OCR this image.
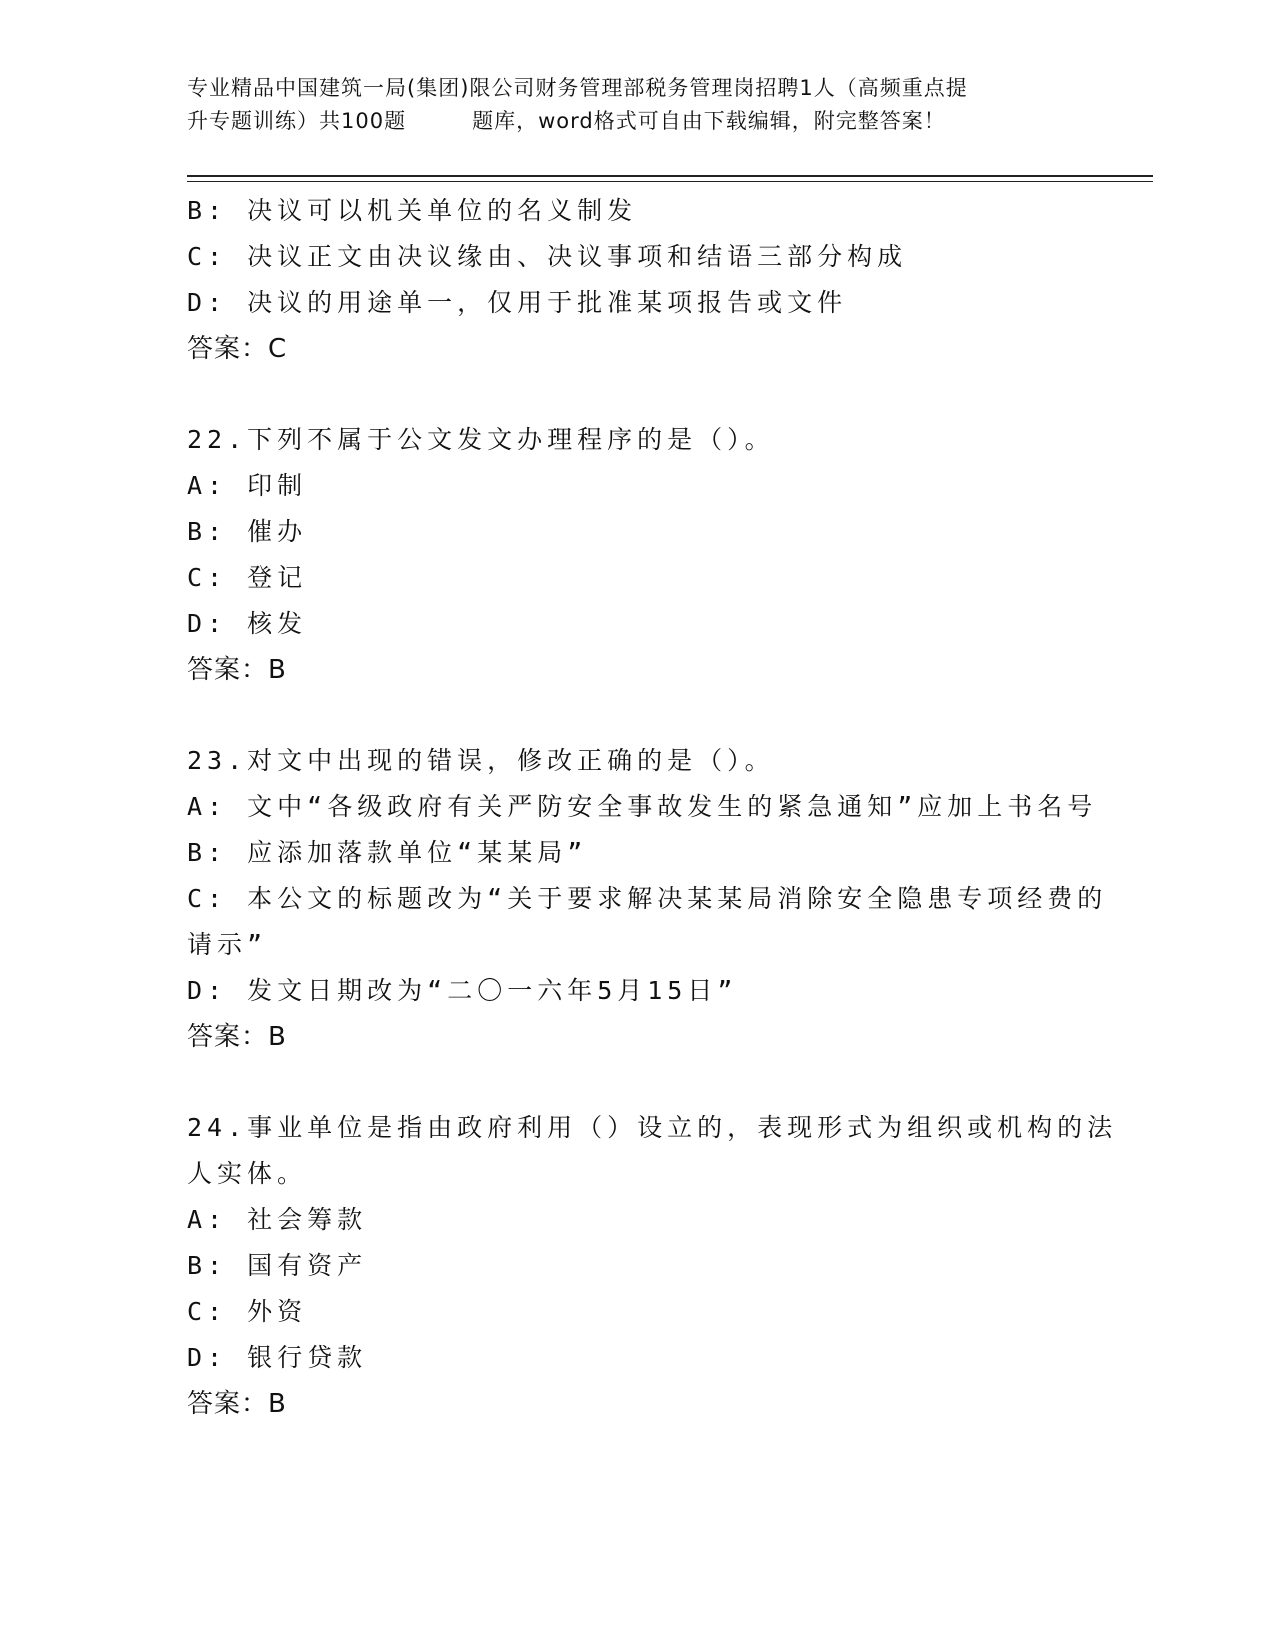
专业精品中国建筑一局(集团)限公司财务管理部税务管理岗招聘1人（高频重点提
升专题训练）共100题	题库，word格式可自由下载编辑，附完整答案！
B: 决议可以机关单位的名义制发
C: 决议正文由决议缘由、决议事项和结语三部分构成
D: 决议的用途单一，仅用于批准某项报告或文件
答案：C
22.下列不属于公文发文办理程序的是（）。
A: 印制
B: 催办
C: 登记
D: 核发
答案：B
23.对文中出现的错误，修改正确的是（）。
A: 文中“各级政府有关严防安全事故发生的紧急通知”应加上书名号
B: 应添加落款单位“某某局”
C: 本公文的标题改为“关于要求解决某某局消除安全隐患专项经费的
请示”
D: 发文日期改为“二〇一六年5月15日”
答案：B
24.事业单位是指由政府利用（）设立的，表现形式为组织或机构的法
人实体。
A: 社会筹款
B: 国有资产
C: 外资
D: 银行贷款
答案：B
